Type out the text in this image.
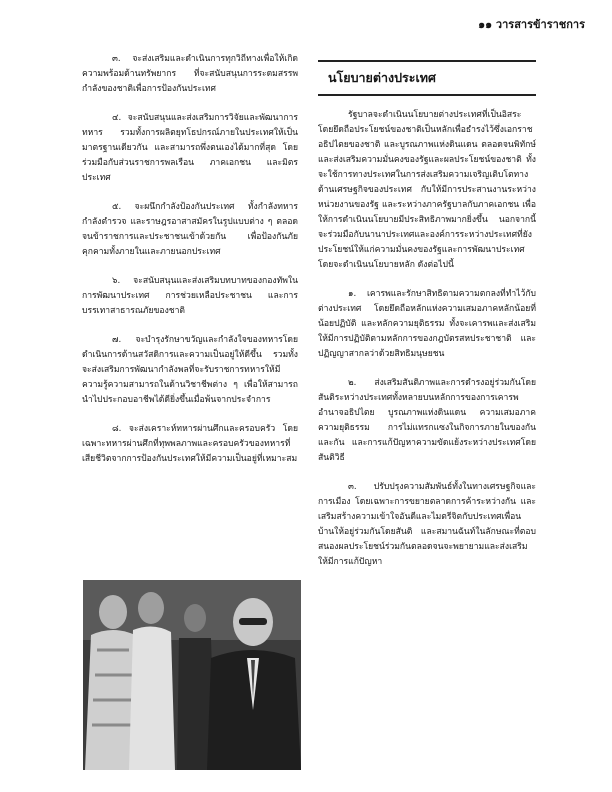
๑๑ วารสารข้าราชการ

๓. จะส่งเสริมและดำเนินการทุกวิถีทางเพื่อให้เกิดความพร้อมด้านทรัพยากร ที่จะสนับสนุนการระดมสรรพกำลังของชาติเพื่อการป้องกันประเทศ

๔. จะสนับสนุนและส่งเสริมการวิจัยและพัฒนาการทหาร รวมทั้งการผลิตยุทโธปกรณ์ภายในประเทศให้เป็นมาตรฐานเดียวกัน และสามารถพึ่งตนเองได้มากที่สุด โดยร่วมมือกับส่วนราชการพลเรือน ภาคเอกชน และมิตรประเทศ

๕. จะผนึกกำลังป้องกันประเทศ ทั้งกำลังทหาร กำลังตำรวจ และราษฎรอาสาสมัครในรูปแบบต่าง ๆ ตลอดจนข้าราชการและประชาชนเข้าด้วยกัน เพื่อป้องกันภัยคุกคามทั้งภายในและภายนอกประเทศ

๖. จะสนับสนุนและส่งเสริมบทบาทของกองทัพในการพัฒนาประเทศ การช่วยเหลือประชาชน และการบรรเทาสาธารณภัยของชาติ

๗. จะบำรุงรักษาขวัญและกำลังใจของทหารโดยดำเนินการด้านสวัสดิการและความเป็นอยู่ให้ดีขึ้น รวมทั้งจะส่งเสริมการพัฒนากำลังพลที่จะรับราชการทหารให้มีความรู้ความสามารถในด้านวิชาชีพต่าง ๆ เพื่อให้สามารถนำไปประกอบอาชีพได้ดียิ่งขึ้นเมื่อพ้นจากประจำการ

๘. จะส่งเคราะห์ทหารผ่านศึกและครอบครัว โดยเฉพาะทหารผ่านศึกที่ทุพพลภาพและครอบครัวของทหารที่เสียชีวิตจากการป้องกันประเทศให้มีความเป็นอยู่ที่เหมาะสม

นโยบายต่างประเทศ

รัฐบาลจะดำเนินนโยบายต่างประเทศที่เป็นอิสระโดยยึดถือประโยชน์ของชาติเป็นหลักเพื่อธำรงไว้ซึ่งเอกราช อธิปไตยของชาติ และบูรณภาพแห่งดินแดน ตลอดจนพิทักษ์และส่งเสริมความมั่นคงของรัฐและผลประโยชน์ของชาติ ทั้งจะใช้การทางประเทศในการส่งเสริมความเจริญเติบโตทางด้านเศรษฐกิจของประเทศ กับให้มีการประสานงานระหว่างหน่วยงานของรัฐ และระหว่างภาครัฐบาลกับภาคเอกชน เพื่อให้การดำเนินนโยบายมีประสิทธิภาพมากยิ่งขึ้น นอกจากนี้จะร่วมมือกับนานาประเทศและองค์การระหว่างประเทศที่ยังประโยชน์ให้แก่ความมั่นคงของรัฐและการพัฒนาประเทศ โดยจะดำเนินนโยบายหลัก ดังต่อไปนี้

๑. เคารพและรักษาสิทธิตามความตกลงที่ทำไว้กับต่างประเทศ โดยยึดถือหลักแห่งความเสมอภาคหลักน้อยที่น้อยปฏิบัติ และหลักความยุติธรรม ทั้งจะเคารพและส่งเสริมให้มีการปฏิบัติตามหลักการของกฎบัตรสหประชาชาติ และปฏิญญาสากลว่าด้วยสิทธิมนุษยชน

๒. ส่งเสริมสันติภาพและการดำรงอยู่ร่วมกันโดยสันติระหว่างประเทศทั้งหลายบนหลักการของการเคารพอำนาจอธิปไตย บูรณภาพแห่งดินแดน ความเสมอภาค ความยุติธรรม การไม่แทรกแซงในกิจการภายในของกันและกัน และการแก้ปัญหาความขัดแย้งระหว่างประเทศโดยสันติวิธี

๓. ปรับปรุงความสัมพันธ์ทั้งในทางเศรษฐกิจและการเมือง โดยเฉพาะการขยายตลาดการค้าระหว่างกัน และเสริมสร้างความเข้าใจอันดีและไมตรีจิตกับประเทศเพื่อนบ้านให้อยู่ร่วมกันโดยสันติ และสมานฉันท์ในลักษณะที่ตอบสนองผลประโยชน์ร่วมกันตลอดจนจะพยายามและส่งเสริมให้มีการแก้ปัญหา
